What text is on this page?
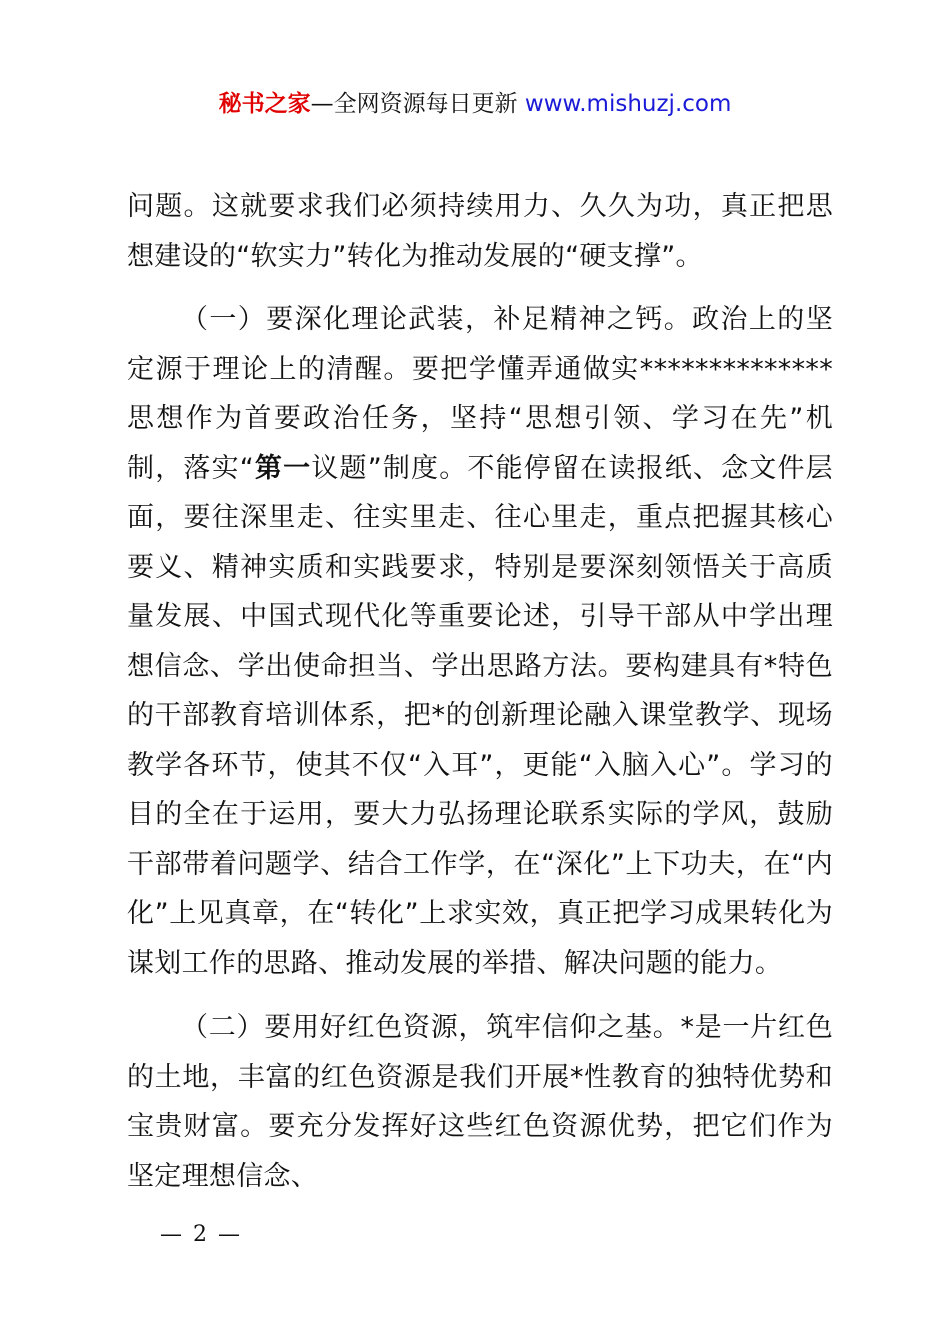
秘书之家—全网资源每日更新 www.mishuzj.com

问题。这就要求我们必须持续用力、久久为功，真正把思想建设的“软实力”转化为推动发展的“硬支撑”。

（一）要深化理论武装，补足精神之钙。政治上的坚定源于理论上的清醒。要把学懂弄通做实**************思想作为首要政治任务，坚持“思想引领、学习在先”机制，落实“第一议题”制度。不能停留在读报纸、念文件层面，要往深里走、往实里走、往心里走，重点把握其核心要义、精神实质和实践要求，特别是要深刻领悟关于高质量发展、中国式现代化等重要论述，引导干部从中学出理想信念、学出使命担当、学出思路方法。要构建具有*特色的干部教育培训体系，把*的创新理论融入课堂教学、现场教学各环节，使其不仅“入耳”，更能“入脑入心”。学习的目的全在于运用，要大力弘扬理论联系实际的学风，鼓励干部带着问题学、结合工作学，在“深化”上下功夫，在“内化”上见真章，在“转化”上求实效，真正把学习成果转化为谋划工作的思路、推动发展的举措、解决问题的能力。

（二）要用好红色资源，筑牢信仰之基。*是一片红色的土地，丰富的红色资源是我们开展*性教育的独特优势和宝贵财富。要充分发挥好这些红色资源优势，把它们作为坚定理想信念、

— 2 —
